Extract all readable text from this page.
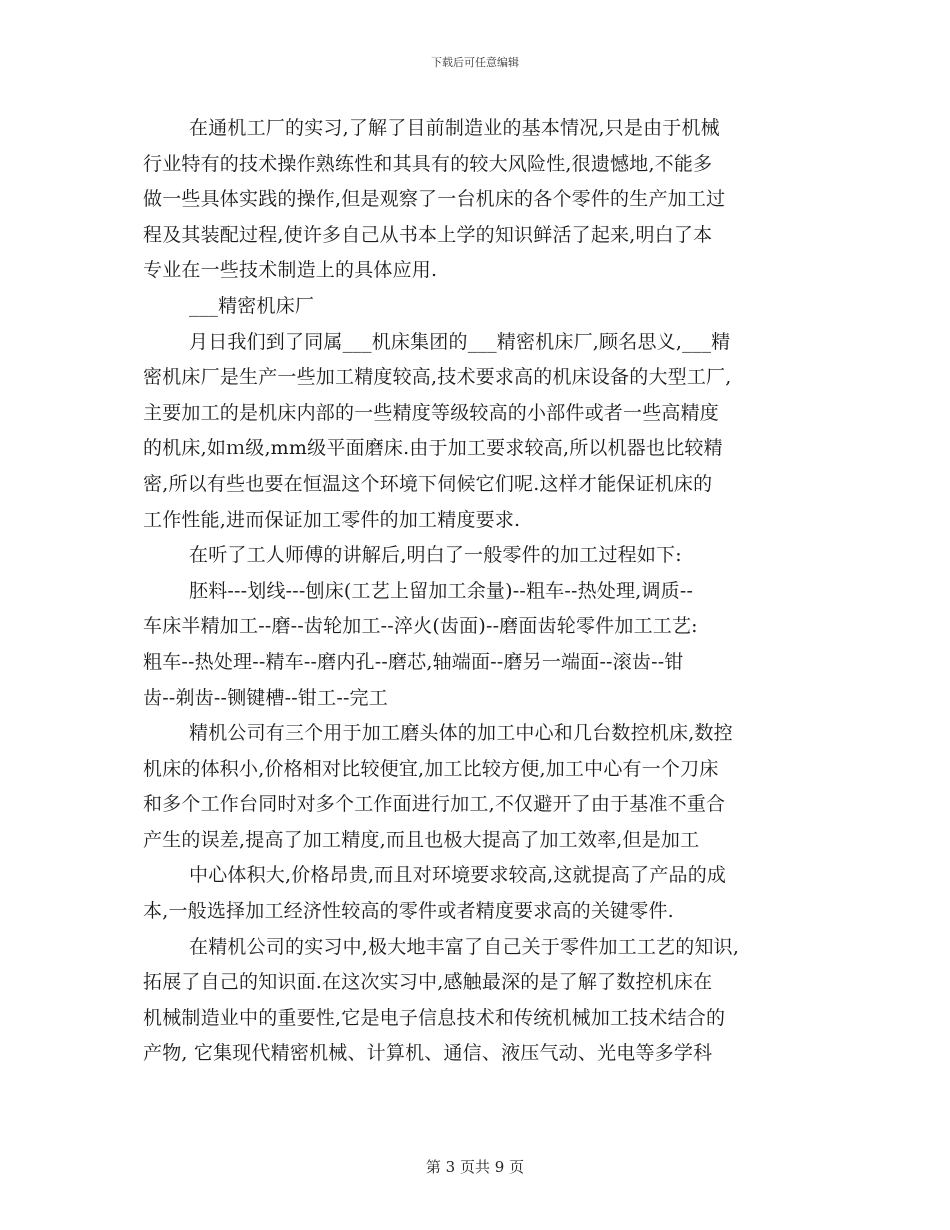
下载后可任意编辑
在通机工厂的实习,了解了目前制造业的基本情况,只是由于机械
行业特有的技术操作熟练性和其具有的较大风险性,很遗憾地,不能多
做一些具体实践的操作,但是观察了一台机床的各个零件的生产加工过
程及其装配过程,使许多自己从书本上学的知识鲜活了起来,明白了本
专业在一些技术制造上的具体应用.
___精密机床厂
月日我们到了同属___机床集团的___精密机床厂,顾名思义,___精
密机床厂是生产一些加工精度较高,技术要求高的机床设备的大型工厂,
主要加工的是机床内部的一些精度等级较高的小部件或者一些高精度
的机床,如ｍ级,mm级平面磨床.由于加工要求较高,所以机器也比较精
密,所以有些也要在恒温这个环境下伺候它们呢.这样才能保证机床的
工作性能,进而保证加工零件的加工精度要求.
在听了工人师傅的讲解后,明白了一般零件的加工过程如下:
胚料---划线---刨床(工艺上留加工余量)--粗车--热处理,调质--
车床半精加工--磨--齿轮加工--淬火(齿面)--磨面齿轮零件加工工艺:
粗车--热处理--精车--磨内孔--磨芯,轴端面--磨另一端面--滚齿--钳
齿--剃齿--铡键槽--钳工--完工
精机公司有三个用于加工磨头体的加工中心和几台数控机床,数控
机床的体积小,价格相对比较便宜,加工比较方便,加工中心有一个刀床
和多个工作台同时对多个工作面进行加工,不仅避开了由于基准不重合
产生的误差,提高了加工精度,而且也极大提高了加工效率,但是加工
中心体积大,价格昂贵,而且对环境要求较高,这就提高了产品的成
本,一般选择加工经济性较高的零件或者精度要求高的关键零件.
在精机公司的实习中,极大地丰富了自己关于零件加工工艺的知识,
拓展了自己的知识面.在这次实习中,感触最深的是了解了数控机床在
机械制造业中的重要性,它是电子信息技术和传统机械加工技术结合的
产物, 它集现代精密机械、计算机、通信、液压气动、光电等多学科
第 3 页共 9 页
